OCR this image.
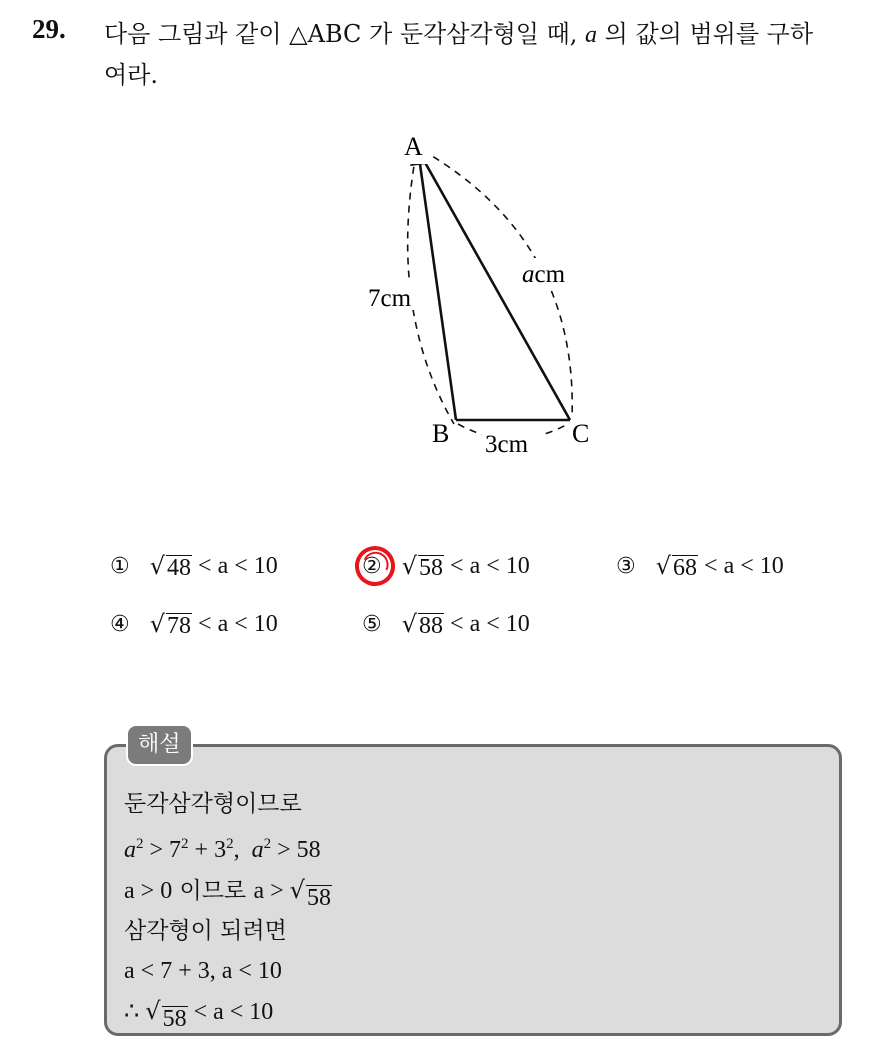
29. 다음 그림과 같이 △ABC 가 둔각삼각형일 때, a 의 값의 범위를 구하
여라.
A
B	C
7cm
acm
3cm
① √ 48 < a < 10	② √ 58 < a < 10	③ √ 68 < a < 10
④ √ 78 < a < 10	⑤ √ 88 < a < 10
해설
둔각삼각형이므로
$a^2 > 7^2 + 3^2$,  $a^2 > 58$
a > 0 이므로 a > √ 58
삼각형이 되려면
a < 7 + 3, a < 10
∴ √ 58 < a < 10
